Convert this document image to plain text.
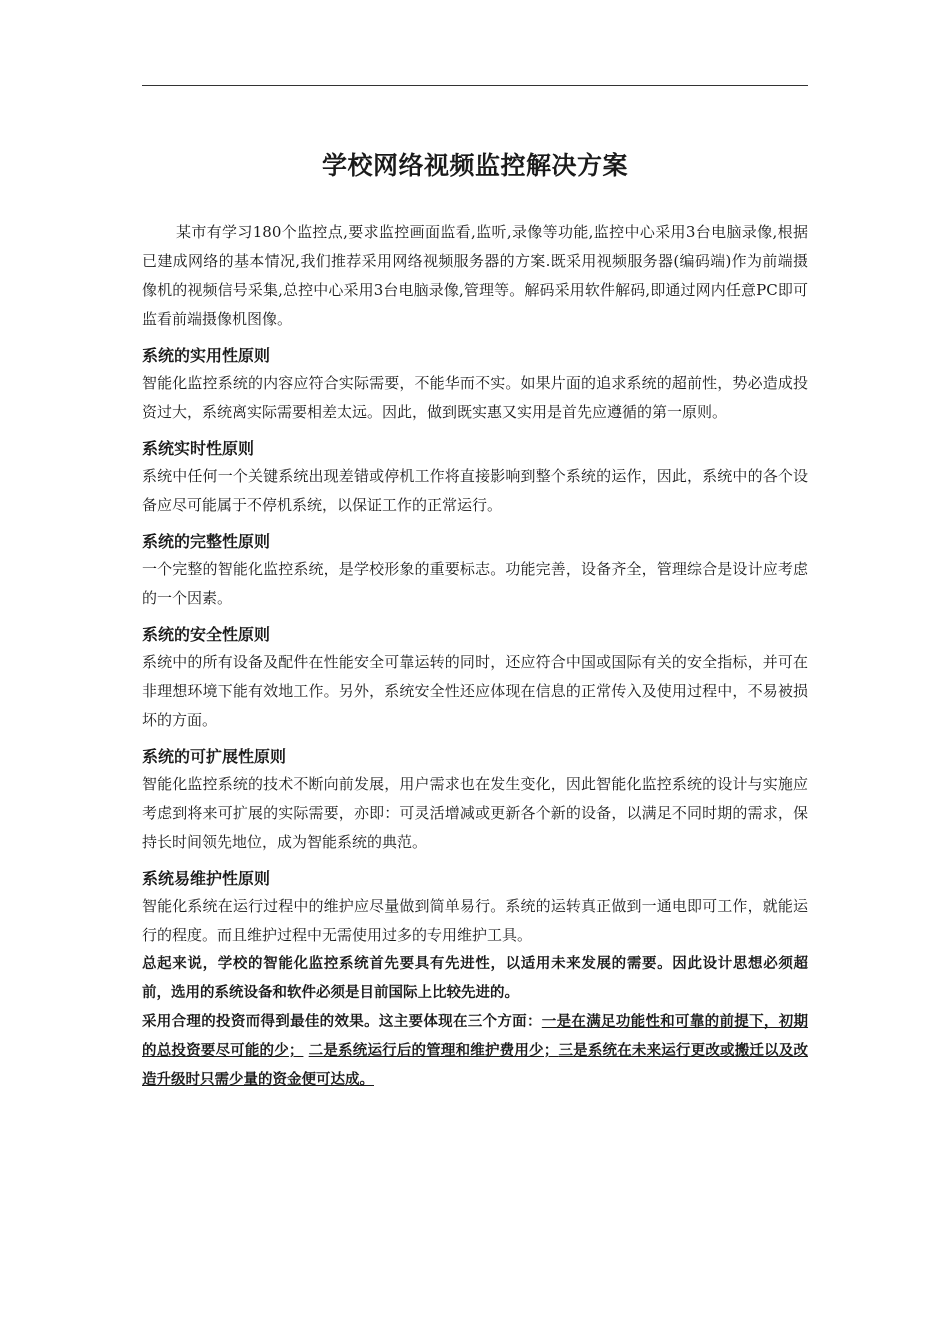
学校网络视频监控解决方案

某市有学习180个监控点,要求监控画面监看,监听,录像等功能,监控中心采用3台电脑录像,根据已建成网络的基本情况,我们推荐采用网络视频服务器的方案.既采用视频服务器(编码端)作为前端摄像机的视频信号采集,总控中心采用3台电脑录像,管理等。解码采用软件解码,即通过网内任意PC即可监看前端摄像机图像。

系统的实用性原则

智能化监控系统的内容应符合实际需要，不能华而不实。如果片面的追求系统的超前性，势必造成投资过大，系统离实际需要相差太远。因此，做到既实惠又实用是首先应遵循的第一原则。

系统实时性原则

系统中任何一个关键系统出现差错或停机工作将直接影响到整个系统的运作，因此，系统中的各个设备应尽可能属于不停机系统，以保证工作的正常运行。

系统的完整性原则

一个完整的智能化监控系统，是学校形象的重要标志。功能完善，设备齐全，管理综合是设计应考虑的一个因素。

系统的安全性原则

系统中的所有设备及配件在性能安全可靠运转的同时，还应符合中国或国际有关的安全指标，并可在非理想环境下能有效地工作。另外，系统安全性还应体现在信息的正常传入及使用过程中，不易被损坏的方面。

系统的可扩展性原则

智能化监控系统的技术不断向前发展，用户需求也在发生变化，因此智能化监控系统的设计与实施应考虑到将来可扩展的实际需要，亦即：可灵活增减或更新各个新的设备，以满足不同时期的需求，保持长时间领先地位，成为智能系统的典范。

系统易维护性原则

智能化系统在运行过程中的维护应尽量做到简单易行。系统的运转真正做到一通电即可工作，就能运行的程度。而且维护过程中无需使用过多的专用维护工具。

总起来说，学校的智能化监控系统首先要具有先进性，以适用未来发展的需要。因此设计思想必须超前，选用的系统设备和软件必须是目前国际上比较先进的。

采用合理的投资而得到最佳的效果。这主要体现在三个方面：一是在满足功能性和可靠的前提下，初期的总投资要尽可能的少； 二是系统运行后的管理和维护费用少；三是系统在未来运行更改或搬迁以及改造升级时只需少量的资金便可达成。
